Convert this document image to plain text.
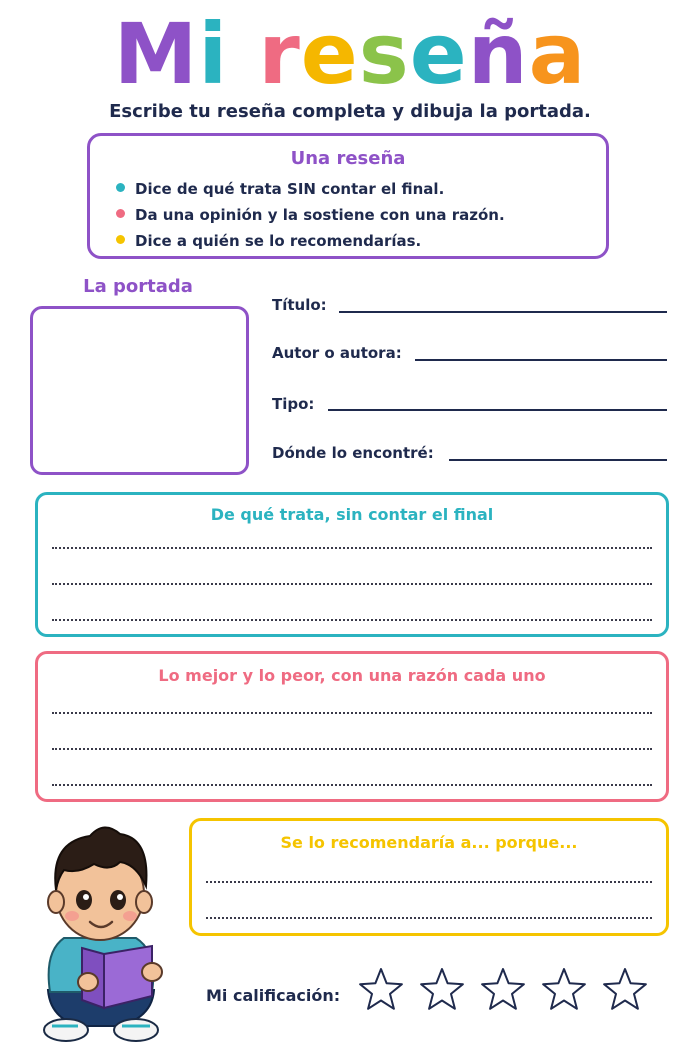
Mi reseña
Escribe tu reseña completa y dibuja la portada.
Una reseña
Dice de qué trata SIN contar el final.
Da una opinión y la sostiene con una razón.
Dice a quién se lo recomendarías.
La portada
Título:
Autor o autora:
Tipo:
Dónde lo encontré:
De qué trata, sin contar el final
Lo mejor y lo peor, con una razón cada uno
Se lo recomendaría a... porque...
Mi calificación:
